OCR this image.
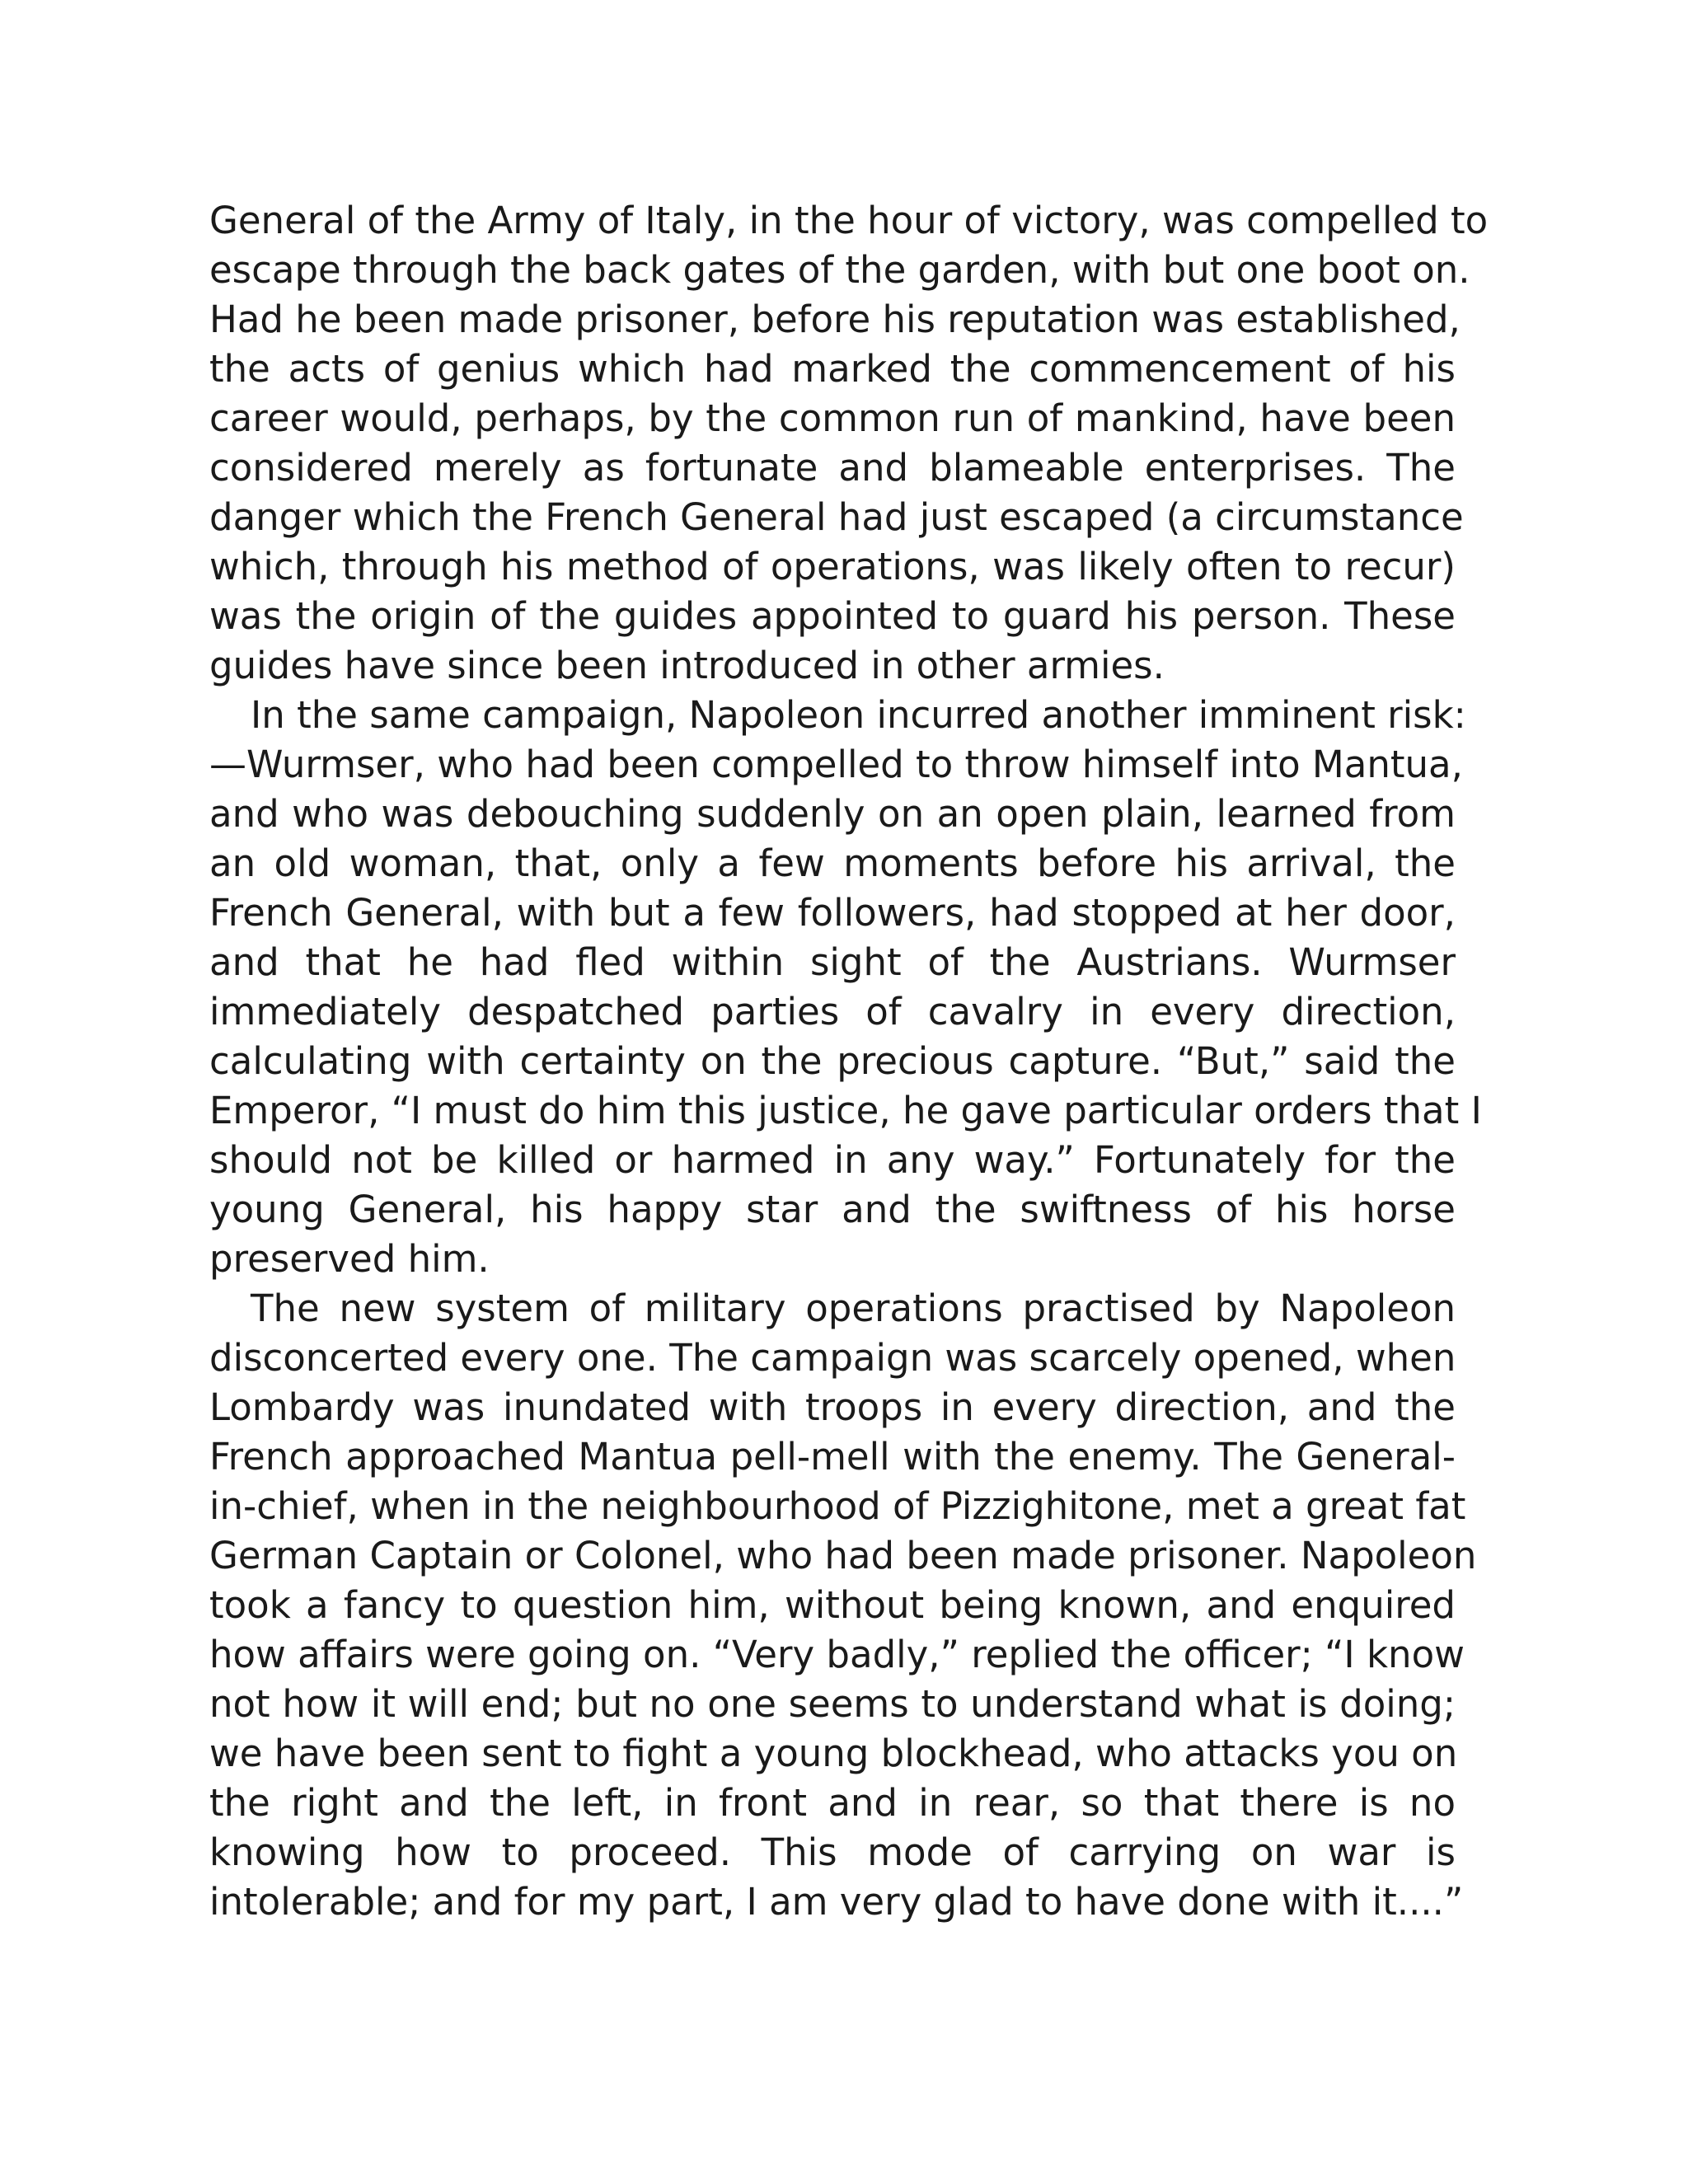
General of the Army of Italy, in the hour of victory, was compelled to
escape through the back gates of the garden, with but one boot on.
Had he been made prisoner, before his reputation was established,
the acts of genius which had marked the commencement of his
career would, perhaps, by the common run of mankind, have been
considered merely as fortunate and blameable enterprises. The
danger which the French General had just escaped (a circumstance
which, through his method of operations, was likely often to recur)
was the origin of the guides appointed to guard his person. These
guides have since been introduced in other armies.
In the same campaign, Napoleon incurred another imminent risk:
—Wurmser, who had been compelled to throw himself into Mantua,
and who was debouching suddenly on an open plain, learned from
an old woman, that, only a few moments before his arrival, the
French General, with but a few followers, had stopped at her door,
and that he had fled within sight of the Austrians. Wurmser
immediately despatched parties of cavalry in every direction,
calculating with certainty on the precious capture. “But,” said the
Emperor, “I must do him this justice, he gave particular orders that I
should not be killed or harmed in any way.” Fortunately for the
young General, his happy star and the swiftness of his horse
preserved him.
The new system of military operations practised by Napoleon
disconcerted every one. The campaign was scarcely opened, when
Lombardy was inundated with troops in every direction, and the
French approached Mantua pell-mell with the enemy. The General-
in-chief, when in the neighbourhood of Pizzighitone, met a great fat
German Captain or Colonel, who had been made prisoner. Napoleon
took a fancy to question him, without being known, and enquired
how affairs were going on. “Very badly,” replied the officer; “I know
not how it will end; but no one seems to understand what is doing;
we have been sent to fight a young blockhead, who attacks you on
the right and the left, in front and in rear, so that there is no
knowing how to proceed. This mode of carrying on war is
intolerable; and for my part, I am very glad to have done with it....”
